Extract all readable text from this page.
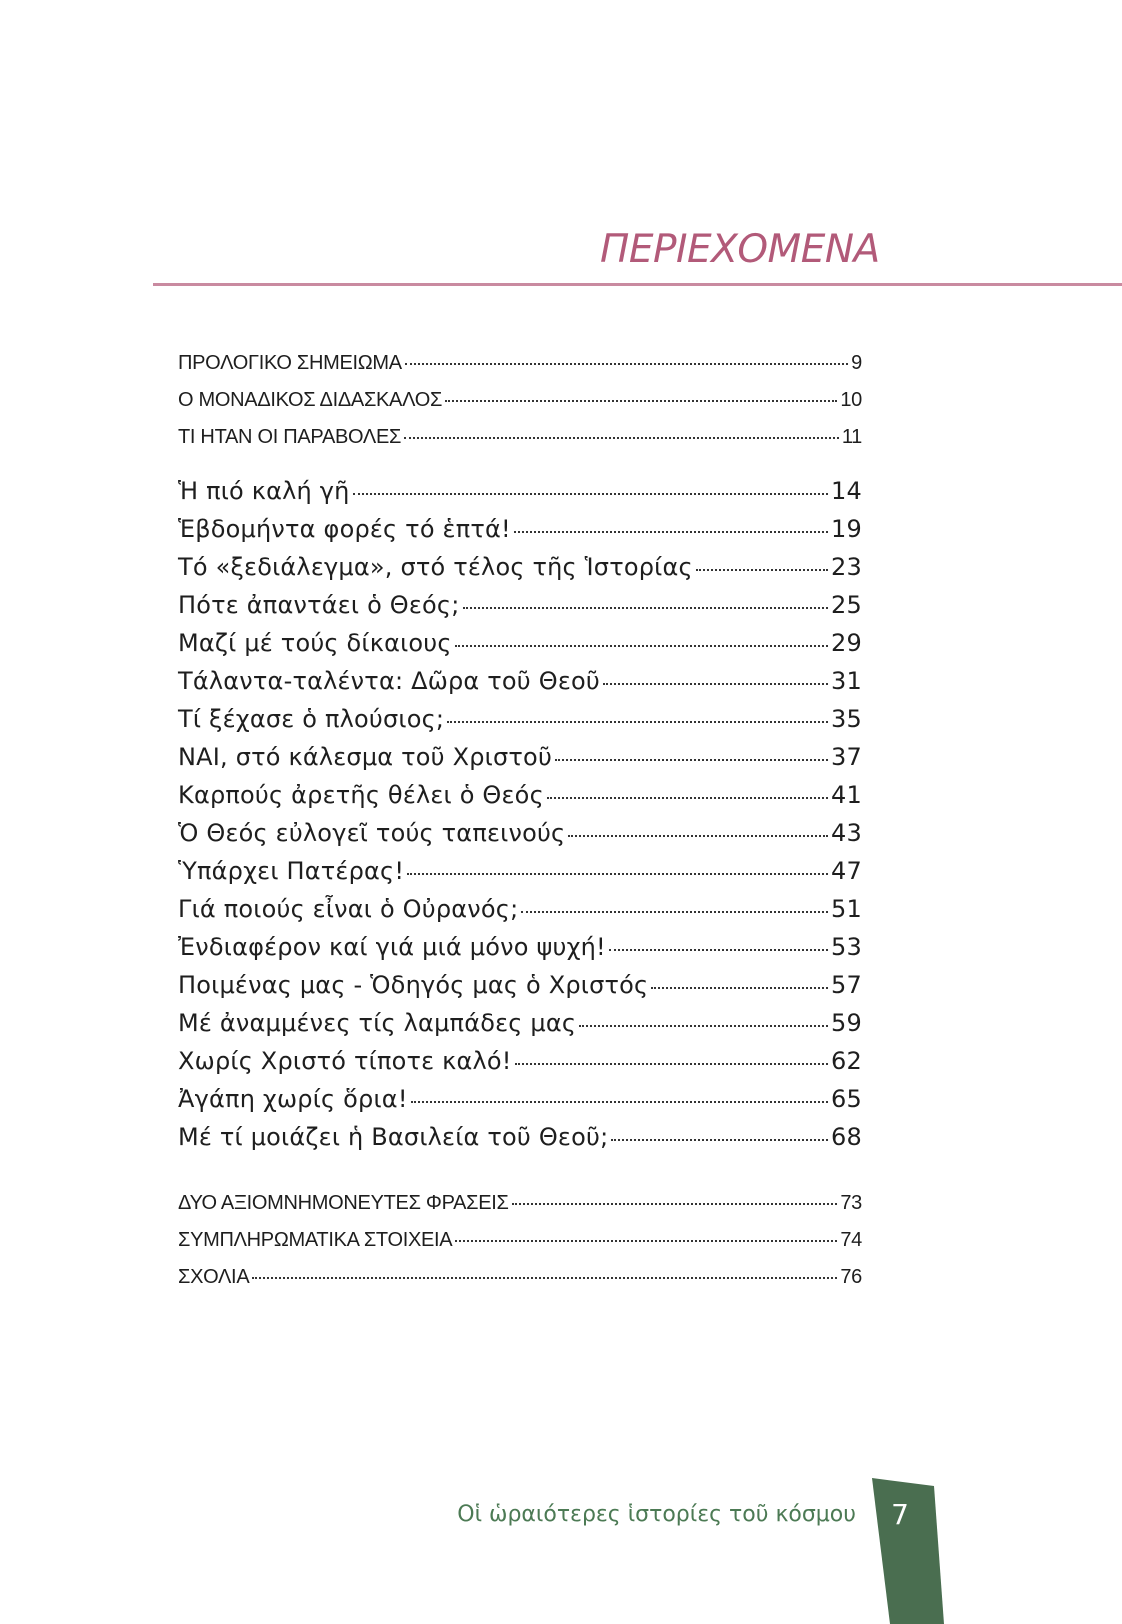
ΠΕΡΙΕΧΟΜΕΝΑ
ΠΡΟΛΟΓΙΚΟ ΣΗΜΕΙΩΜΑ	9
Ο ΜΟΝΑΔΙΚΟΣ ΔΙΔΑΣΚΑΛΟΣ	10
ΤΙ ΗΤΑΝ ΟΙ ΠΑΡΑΒΟΛΕΣ	11
Ἡ πιό καλή γῆ	14
Ἑβδομήντα φορές τό ἑπτά!	19
Τό «ξεδιάλεγμα», στό τέλος τῆς Ἱστορίας	23
Πότε ἀπαντάει ὁ Θεός;	25
Μαζί μέ τούς δίκαιους	29
Τάλαντα-ταλέντα: Δῶρα τοῦ Θεοῦ	31
Τί ξέχασε ὁ πλούσιος;	35
ΝΑΙ, στό κάλεσμα τοῦ Χριστοῦ	37
Καρπούς ἀρετῆς θέλει ὁ Θεός	41
Ὁ Θεός εὐλογεῖ τούς ταπεινούς	43
Ὑπάρχει Πατέρας!	47
Γιά ποιούς εἶναι ὁ Οὐρανός;	51
Ἐνδιαφέρον καί γιά μιά μόνο ψυχή!	53
Ποιμένας μας - Ὁδηγός μας ὁ Χριστός	57
Μέ ἀναμμένες τίς λαμπάδες μας	59
Χωρίς Χριστό τίποτε καλό!	62
Ἀγάπη χωρίς ὅρια!	65
Μέ τί μοιάζει ἡ Βασιλεία τοῦ Θεοῦ;	68
ΔΥΟ ΑΞΙΟΜΝΗΜΟΝΕΥΤΕΣ ΦΡΑΣΕΙΣ	73
ΣΥΜΠΛΗΡΩΜΑΤΙΚΑ ΣΤΟΙΧΕΙΑ	74
ΣΧΟΛΙΑ	76
Οἱ ὡραιότερες ἱστορίες τοῦ κόσμου	7
